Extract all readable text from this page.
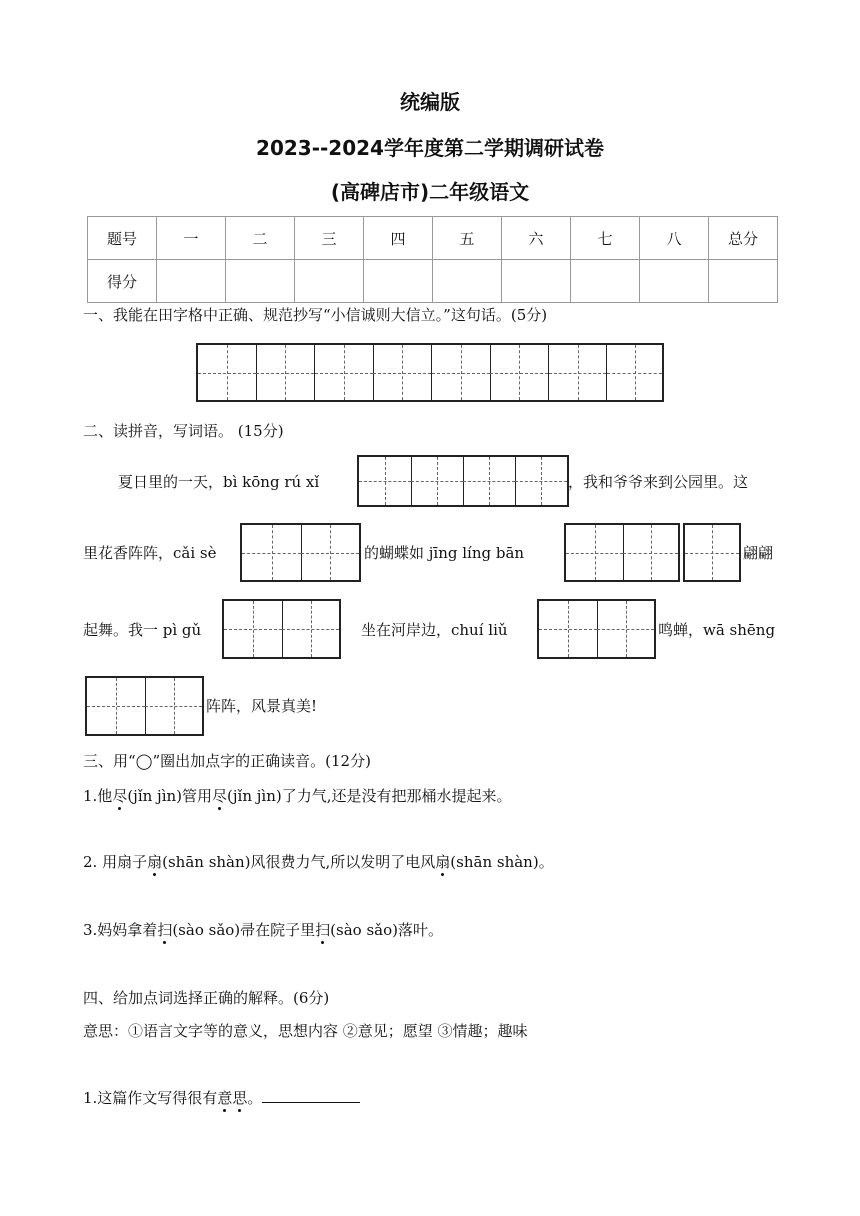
统编版
2023--2024学年度第二学期调研试卷
(高碑店市)二年级语文
题号	一	二	三	四	五	六	七	八	总分
得分									
一、我能在田字格中正确、规范抄写“小信诚则大信立。”这句话。(5分)
二、读拼音，写词语。 (15分)
夏日里的一天，bì kōng rú xǐ	，我和爷爷来到公园里。这
里花香阵阵，cǎi sè	的蝴蝶如 jīng líng bān	翩翩
起舞。我一 pì gǔ	坐在河岸边，chuí liǔ	鸣蝉，wā shēng
阵阵，风景真美!
三、用“◯”圈出加点字的正确读音。(12分)
1.他尽(jǐn jìn)管用尽(jǐn jìn)了力气,还是没有把那桶水提起来。
2. 用扇子扇(shān shàn)风很费力气,所以发明了电风扇(shān shàn)。
3.妈妈拿着扫(sào sǎo)帚在院子里扫(sào sǎo)落叶。
四、给加点词选择正确的解释。(6分)
意思：①语言文字等的意义，思想内容 ②意见；愿望 ③情趣；趣味
1.这篇作文写得很有意思。
